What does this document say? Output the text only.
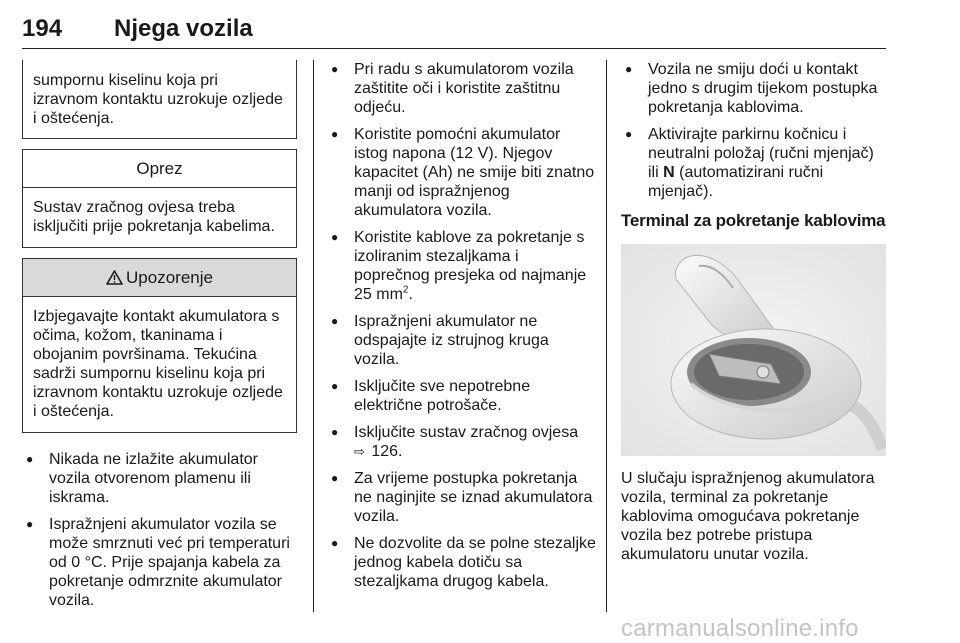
194 Njega vozila
sumpornu kiselinu koja pri izravnom kontaktu uzrokuje ozljede i oštećenja.
Oprez
Sustav zračnog ovjesa treba isključiti prije pokretanja kabelima.
Upozorenje
Izbjegavajte kontakt akumulatora s očima, kožom, tkaninama i obojanim površinama. Tekućina sadrži sumpornu kiselinu koja pri izravnom kontaktu uzrokuje ozljede i oštećenja.
● Nikada ne izlažite akumulator vozila otvorenom plamenu ili iskrama.
● Ispražnjeni akumulator vozila se može smrznuti već pri temperaturi od 0 °C. Prije spajanja kabela za pokretanje odmrznite akumulator vozila.
● Pri radu s akumulatorom vozila zaštitite oči i koristite zaštitnu odjeću.
● Koristite pomoćni akumulator istog napona (12 V). Njegov kapacitet (Ah) ne smije biti znatno manji od ispražnjenog akumulatora vozila.
● Koristite kablove za pokretanje s izoliranim stezaljkama i poprečnog presjeka od najmanje 25 $mm^2$.
● Ispražnjeni akumulator ne odspajajte iz strujnog kruga vozila.
● Isključite sve nepotrebne električne potrošače.
● Isključite sustav zračnog ovjesa
⇨ 126.
● Za vrijeme postupka pokretanja ne naginjite se iznad akumulatora vozila.
● Ne dozvolite da se polne stezaljke jednog kabela dotiču sa stezaljkama drugog kabela.
● Vozila ne smiju doći u kontakt jedno s drugim tijekom postupka pokretanja kablovima.
● Aktivirajte parkirnu kočnicu i neutralni položaj (ručni mjenjač) ili N (automatizirani ručni mjenjač).
Terminal za pokretanje kablovima
U slučaju ispražnjenog akumulatora vozila, terminal za pokretanje kablovima omogućava pokretanje vozila bez potrebe pristupa akumulatoru unutar vozila.
carmanualsonline.info
